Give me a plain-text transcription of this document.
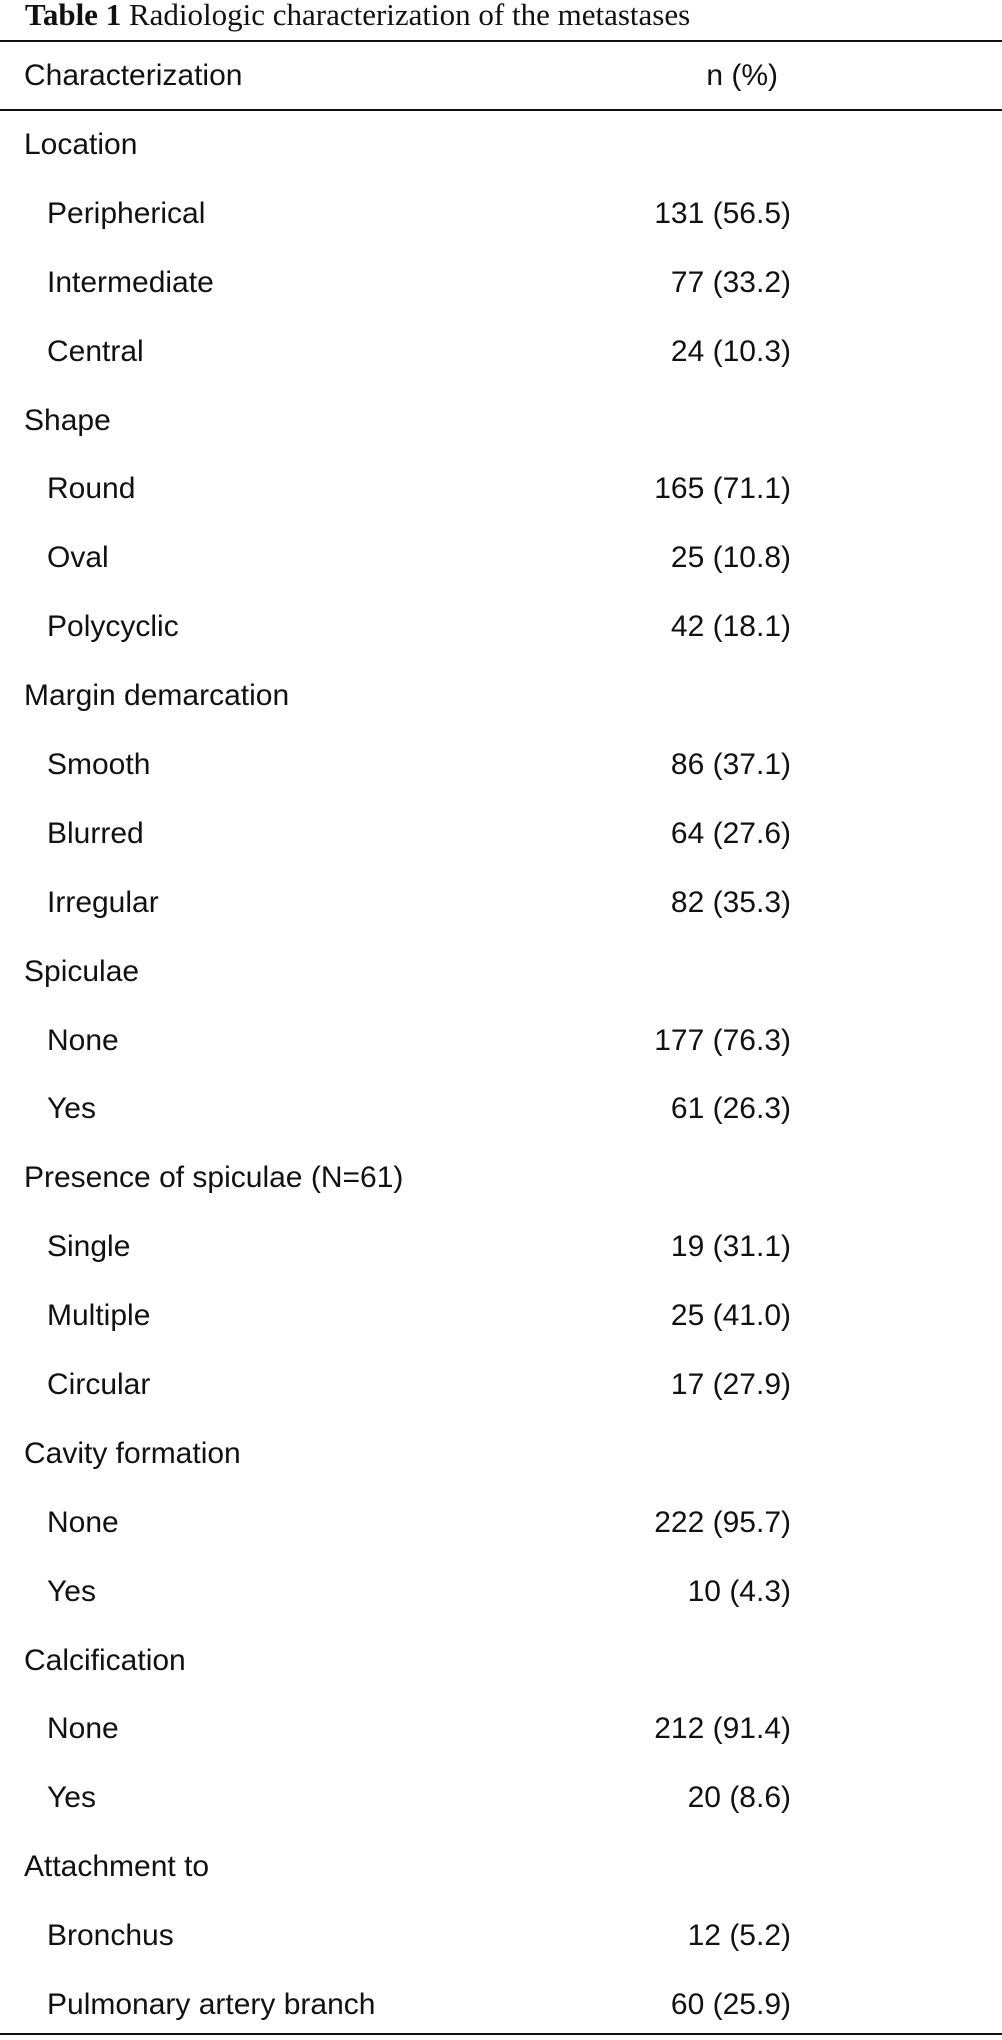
Table 1 Radiologic characterization of the metastases
Characterization	n (%)
Location
Peripherical	131 (56.5)
Intermediate	77 (33.2)
Central	24 (10.3)
Shape
Round	165 (71.1)
Oval	25 (10.8)
Polycyclic	42 (18.1)
Margin demarcation
Smooth	86 (37.1)
Blurred	64 (27.6)
Irregular	82 (35.3)
Spiculae
None	177 (76.3)
Yes	61 (26.3)
Presence of spiculae (N=61)
Single	19 (31.1)
Multiple	25 (41.0)
Circular	17 (27.9)
Cavity formation
None	222 (95.7)
Yes	10 (4.3)
Calcification
None	212 (91.4)
Yes	20 (8.6)
Attachment to
Bronchus	12 (5.2)
Pulmonary artery branch	60 (25.9)
